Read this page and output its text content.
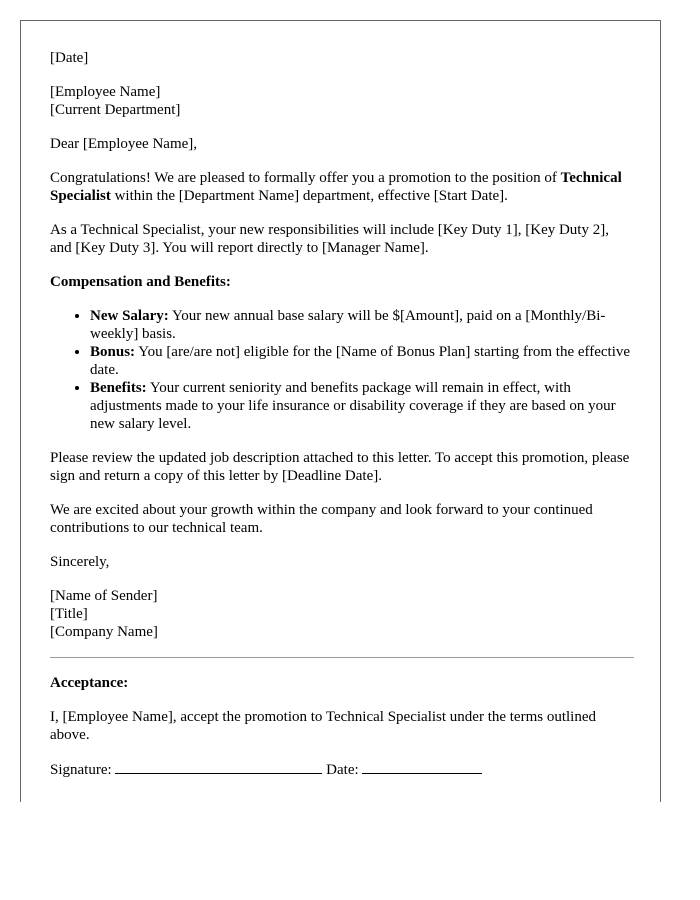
[Date]

[Employee Name]
[Current Department]

Dear [Employee Name],

Congratulations! We are pleased to formally offer you a promotion to the position of Technical Specialist within the [Department Name] department, effective [Start Date].

As a Technical Specialist, your new responsibilities will include [Key Duty 1], [Key Duty 2], and [Key Duty 3]. You will report directly to [Manager Name].

Compensation and Benefits:

• New Salary: Your new annual base salary will be $[Amount], paid on a [Monthly/Bi-weekly] basis.
• Bonus: You [are/are not] eligible for the [Name of Bonus Plan] starting from the effective date.
• Benefits: Your current seniority and benefits package will remain in effect, with adjustments made to your life insurance or disability coverage if they are based on your new salary level.

Please review the updated job description attached to this letter. To accept this promotion, please sign and return a copy of this letter by [Deadline Date].

We are excited about your growth within the company and look forward to your continued contributions to our technical team.

Sincerely,

[Name of Sender]
[Title]
[Company Name]

Acceptance:

I, [Employee Name], accept the promotion to Technical Specialist under the terms outlined above.

Signature:	Date:
